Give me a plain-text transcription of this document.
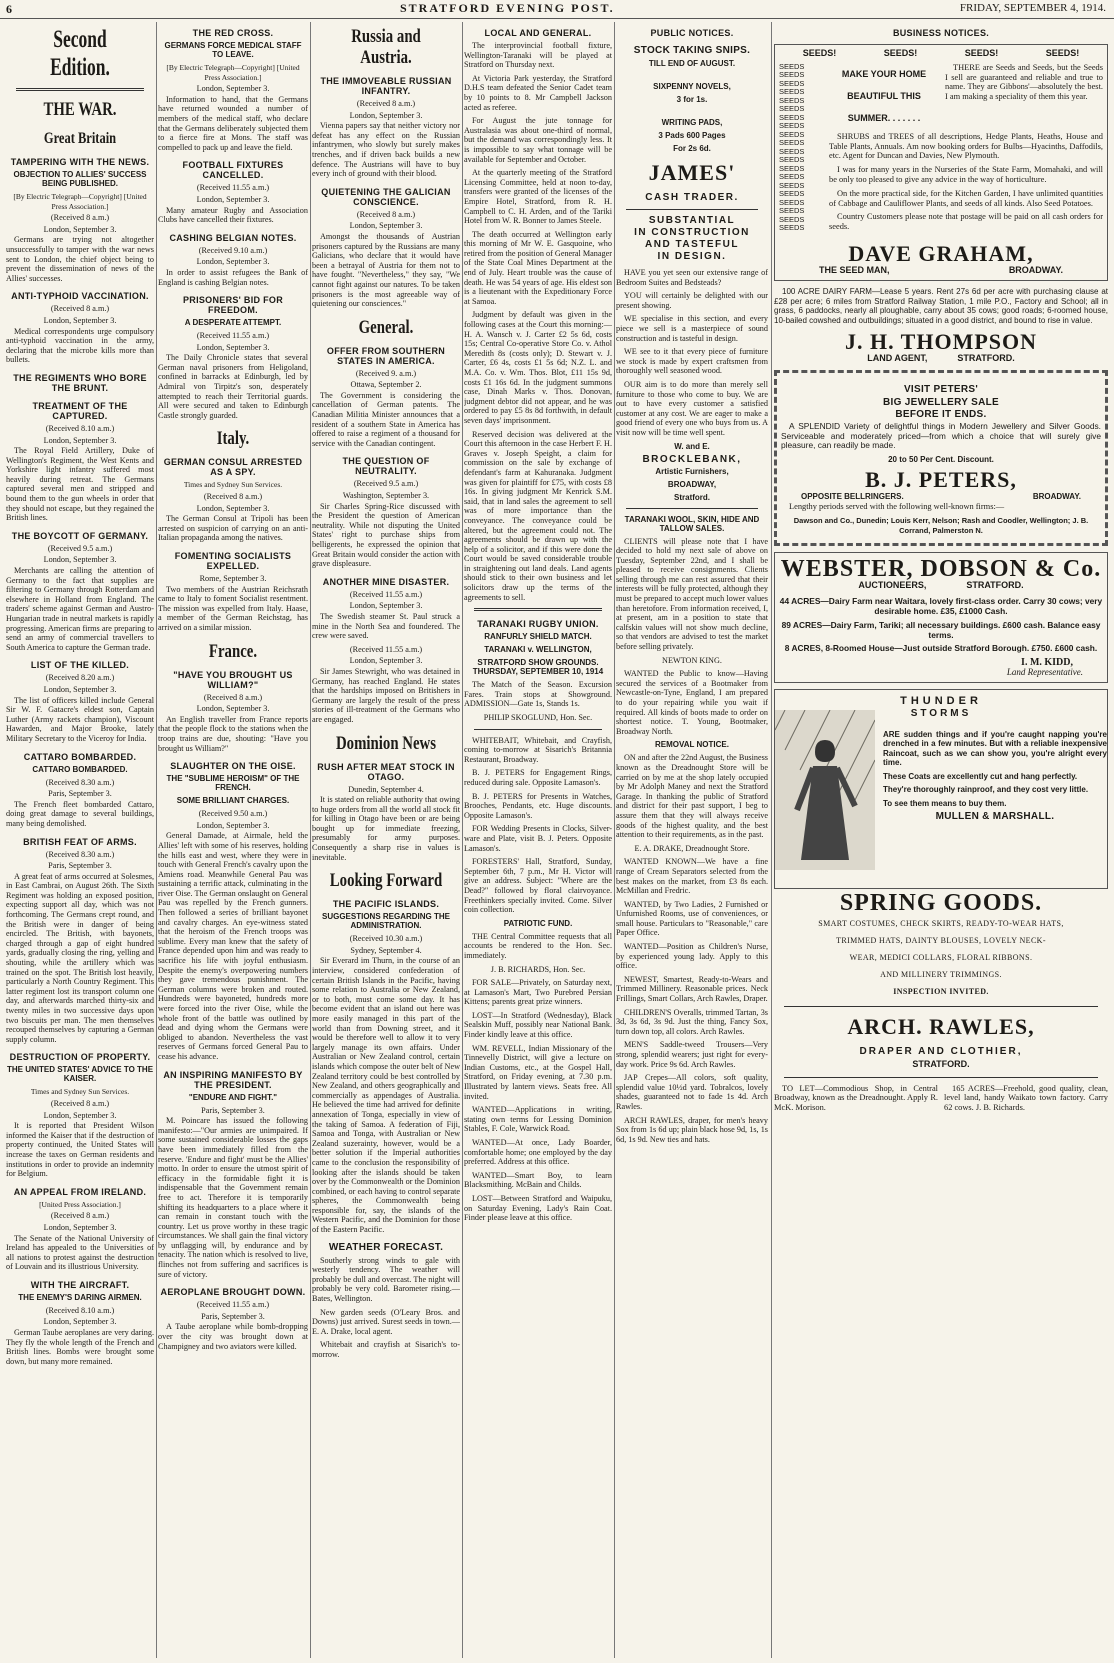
6	STRATFORD EVENING POST.	FRIDAY, SEPTEMBER 4, 1914.
Second Edition.
THE WAR.
Great Britain
TAMPERING WITH THE NEWS.
OBJECTION TO ALLIES' SUCCESS BEING PUBLISHED.

[By Electric Telegraph—Copyright] [United Press Association.]

(Received 8 a.m.)

London, September 3.

Germans are trying not altogether unsuccessfully to tamper with the war news sent to London, the chief object being to prevent the dissemination of news of the Allies' successes.

ANTI-TYPHOID VACCINATION.

(Received 8 a.m.)

London, September 3.

Medical correspondents urge compulsory anti-typhoid vaccination in the army, declaring that the microbe kills more than bullets.

THE REGIMENTS WHO BORE THE BRUNT.
TREATMENT OF THE CAPTURED.

(Received 8.10 a.m.)

London, September 3.

The Royal Field Artillery, Duke of Wellington's Regiment, the West Kents and Yorkshire light infantry suffered most heavily during retreat. The Germans captured several men and stripped and bound them to the gun wheels in order that they should not escape, but they regained the British lines.

THE BOYCOTT OF GERMANY.

(Received 9.5 a.m.)

London, September 3.

Merchants are calling the attention of Germany to the fact that supplies are filtering to Germany through Rotterdam and elsewhere in Holland from England. The traders' scheme against German and Austro-Hungarian trade in neutral markets is rapidly progressing. American firms are preparing to send an army of commercial travellers to South America to capture the German trade.

LIST OF THE KILLED.

(Received 8.20 a.m.)

London, September 3.

The list of officers killed include General Sir W. F. Gatacre's eldest son, Captain Luther (Army rackets champion), Viscount Hawarden, and Major Brooke, lately Military Secretary to the Viceroy for India.

CATTARO BOMBARDED.
CATTARO BOMBARDED.

(Received 8.30 a.m.)

Paris, September 3.

The French fleet bombarded Cattaro, doing great damage to several buildings, many being demolished.

BRITISH FEAT OF ARMS.

(Received 8.30 a.m.)

Paris, September 3.

A great feat of arms occurred at Solesmes, in East Cambrai, on August 26th. The Sixth Regiment was holding an exposed position, expecting support all day, which was not forthcoming. The Germans crept round, and the British were in danger of being encircled. The British, with bayonets, charged through a gap of eight hundred yards, gradually closing the ring, yelling and shouting, while the artillery which was trained on the spot. The British lost heavily, particularly a North Country Regiment. This latter regiment lost its transport column one day, and afterwards marched thirty-six and twenty miles in two successive days upon two biscuits per man. The men themselves recouped themselves by capturing a German supply column.

DESTRUCTION OF PROPERTY.
THE UNITED STATES' ADVICE TO THE KAISER.

Times and Sydney Sun Services.

(Received 8 a.m.)

London, September 3.

It is reported that President Wilson informed the Kaiser that if the destruction of property continued, the United States will increase the taxes on German residents and institutions in order to provide an indemnity for Belgium.

AN APPEAL FROM IRELAND.

[United Press Association.]

(Received 8 a.m.)

London, September 3.

The Senate of the National University of Ireland has appealed to the Universities of all nations to protest against the destruction of Louvain and its illustrious University.

WITH THE AIRCRAFT.
THE ENEMY'S DARING AIRMEN.

(Received 8.10 a.m.)

London, September 3.

German Taube aeroplanes are very daring. They fly the whole length of the French and British lines. Bombs were brought some down, but many more remained.

THE RED CROSS.
GERMANS FORCE MEDICAL STAFF TO LEAVE.

[By Electric Telegraph—Copyright] [United Press Association.]

London, September 3.

Information to hand, that the Germans have returned wounded a number of members of the medical staff, who declare that the Germans deliberately subjected them to a fierce fire at Mons. The staff was compelled to pack up and leave the field.

FOOTBALL FIXTURES CANCELLED.

(Received 11.55 a.m.)

London, September 3.

Many amateur Rugby and Association Clubs have cancelled their fixtures.

CASHING BELGIAN NOTES.

(Received 9.10 a.m.)

London, September 3.

In order to assist refugees the Bank of England is cashing Belgian notes.

PRISONERS' BID FOR FREEDOM.
A DESPERATE ATTEMPT.

(Received 11.55 a.m.)

London, September 3.

The Daily Chronicle states that several German naval prisoners from Heligoland, confined in barracks at Edinburgh, led by Admiral von Tirpitz's son, desperately attempted to reach their Territorial guards. All were secured and taken to Edinburgh Castle strongly guarded.

Italy.
GERMAN CONSUL ARRESTED AS A SPY.

Times and Sydney Sun Services.

(Received 8 a.m.)

London, September 3.

The German Consul at Tripoli has been arrested on suspicion of carrying on an anti-Italian propaganda among the natives.

FOMENTING SOCIALISTS EXPELLED.

Rome, September 3.

Two members of the Austrian Reichsrath came to Italy to foment Socialist resentment. The mission was expelled from Italy. Haase, a member of the German Reichstag, has arrived on a similar mission.

France.
"HAVE YOU BROUGHT US WILLIAM?"

(Received 8 a.m.)

London, September 3.

An English traveller from France reports that the people flock to the stations when the troop trains are due, shouting: "Have you brought us William?"

SLAUGHTER ON THE OISE.
THE "SUBLIME HEROISM" OF THE FRENCH.
SOME BRILLIANT CHARGES.

(Received 9.50 a.m.)

London, September 3.

General Damade, at Airmale, held the Allies' left with some of his reserves, holding the hills east and west, where they were in touch with General French's cavalry upon the Amiens road. Meanwhile General Pau was sustaining a terrific attack, culminating in the river Oise. The German onslaught on General Pau was repelled by the French gunners. Then followed a series of brilliant bayonet and cavalry charges. An eye-witness stated that the heroism of the French troops was sublime. Every man knew that the safety of France depended upon him and was ready to sacrifice his life with joyful enthusiasm. Despite the enemy's overpowering numbers they gave tremendous punishment. The German columns were broken and routed. Hundreds were bayoneted, hundreds more were forced into the river Oise, while the whole front of the battle was outlined by dead and dying whom the Germans were obliged to abandon. Nevertheless the vast reserves of Germans forced General Pau to cease his advance.

AN INSPIRING MANIFESTO BY THE PRESIDENT.
"ENDURE AND FIGHT."

Paris, September 3.

M. Poincare has issued the following manifesto:—"Our armies are unimpaired. If some sustained considerable losses the gaps have been immediately filled from the reserve. 'Endure and fight' must be the Allies' motto. In order to ensure the utmost spirit of efficacy in the formidable fight it is indispensable that the Government remain free to act. Therefore it is temporarily shifting its headquarters to a place where it can remain in constant touch with the country. Let us prove worthy in these tragic circumstances. We shall gain the final victory by unflagging will, by endurance and by tenacity. The nation which is resolved to live, flinches not from suffering and sacrifices is sure of victory.

AEROPLANE BROUGHT DOWN.

(Received 11.55 a.m.)

Paris, September 3.

A Taube aeroplane while bomb-dropping over the city was brought down at Champigney and two aviators were killed.

Russia and Austria.
THE IMMOVEABLE RUSSIAN INFANTRY.

(Received 8 a.m.)

London, September 3.

Vienna papers say that neither victory nor defeat has any effect on the Russian infantrymen, who slowly but surely makes trenches, and if driven back builds a new defence. The Austrians will have to buy every inch of ground with their blood.

QUIETENING THE GALICIAN CONSCIENCE.

(Received 8 a.m.)

London, September 3.

Amongst the thousands of Austrian prisoners captured by the Russians are many Galicians, who declare that it would have been a betrayal of Austria for them not to have fought. "Nevertheless," they say, "We cannot fight against our natures. To be taken prisoners is the most agreeable way of quietening our consciences."

General.
OFFER FROM SOUTHERN STATES IN AMERICA.

(Received 9. a.m.)

Ottawa, September 2.

The Government is considering the cancellation of German patents. The Canadian Militia Minister announces that a resident of a southern State in America has offered to raise a regiment of a thousand for service with the Canadian contingent.

THE QUESTION OF NEUTRALITY.

(Received 9.5 a.m.)

Washington, September 3.

Sir Charles Spring-Rice discussed with the President the question of American neutrality. While not disputing the United States' right to purchase ships from belligerents, he expressed the opinion that Great Britain would consider the action with grave displeasure.

ANOTHER MINE DISASTER.

(Received 11.55 a.m.)

London, September 3.

The Swedish steamer St. Paul struck a mine in the North Sea and foundered. The crew were saved.

(Received 11.55 a.m.)

London, September 3.

Sir James Stewright, who was detained in Germany, has reached England. He states that the hardships imposed on Britishers in Germany are largely the result of the press stories of ill-treatment of the Germans who are engaged.

Dominion News
RUSH AFTER MEAT STOCK IN OTAGO.

Dunedin, September 4.

It is stated on reliable authority that owing to huge orders from all the world all stock fit for killing in Otago have been or are being bought up for immediate freezing, presumably for army purposes. Consequently a sharp rise in values is inevitable.

Looking Forward
THE PACIFIC ISLANDS.
SUGGESTIONS REGARDING THE ADMINISTRATION.

(Received 10.30 a.m.)

Sydney, September 4.

Sir Everard im Thurn, in the course of an interview, considered confederation of certain British Islands in the Pacific, having some relation to Australia or New Zealand, or to both, must come some day. It has become evident that an island out here was more easily managed in this part of the world than from Downing street, and it would be therefore well to allow it to very largely manage its own affairs. Under Australian or New Zealand control, certain islands which compose the outer belt of New Zealand territory could be best controlled by New Zealand, and others geographically and commercially as appendages of Australia. He believed the time had arrived for definite annexation of Tonga, especially in view of the taking of Samoa. A federation of Fiji, Samoa and Tonga, with Australian or New Zealand suzerainty, however, would be a better solution if the Imperial authorities came to the conclusion the responsibility of looking after the islands should be taken over by the Commonwealth or the Dominion combined, or each having to control separate spheres, the Commonwealth being responsible for, say, the islands of the Western Pacific, and the Dominion for those of the Eastern Pacific.

WEATHER FORECAST.

Southerly strong winds to gale with westerly tendency. The weather will probably be dull and overcast. The night will probably be very cold. Barometer rising.—Bates, Wellington.

New garden seeds (O'Leary Bros. and Downs) just arrived. Surest seeds in town.—E. A. Drake, local agent.

Whitebait and crayfish at Sisarich's to-morrow.

LOCAL AND GENERAL.

The interprovincial football fixture, Wellington-Taranaki will be played at Stratford on Thursday next.

At Victoria Park yesterday, the Stratford D.H.S team defeated the Senior Cadet team by 10 points to 8. Mr Campbell Jackson acted as referee.

For August the jute tonnage for Australasia was about one-third of normal, but the demand was correspondingly less. It is impossible to say what tonnage will be available for September and October.

At the quarterly meeting of the Stratford Licensing Committee, held at noon to-day, transfers were granted of the licenses of the Empire Hotel, Stratford, from R. H. Campbell to C. H. Arden, and of the Tariki Hotel from W. R. Bonner to James Steele.

The death occurred at Wellington early this morning of Mr W. E. Gasquoine, who retired from the position of General Manager of the State Coal Mines Department at the end of July. Heart trouble was the cause of death. He was 54 years of age. His eldest son is a lieutenant with the Expeditionary Force at Samoa.

Judgment by default was given in the following cases at the Court this morning:—H. A. Wansch v. J. Carter £2 5s 6d, costs 15s; Central Co-operative Store Co. v. Athol Meredith 8s (costs only); D. Stewart v. J. Carter, £6 4s, costs £1 5s 6d; N.Z. L. and M.A. Co. v. Wm. Thos. Blot, £11 15s 9d, costs £1 16s 6d. In the judgment summons case, Dinah Marks v. Thos. Donovan, judgment debtor did not appear, and he was ordered to pay £5 8s 8d forthwith, in default seven days' imprisonment.

Reserved decision was delivered at the Court this afternoon in the case Herbert F. H. Graves v. Joseph Speight, a claim for commission on the sale by exchange of defendant's farm at Kahuranaka. Judgment was given for plaintiff for £75, with costs £8 16s. In giving judgment Mr Kenrick S.M. said, that in land sales the agreement to sell was of more importance than the conveyance. The conveyance could be altered, but the agreement could not. The agreements should be drawn up with the help of a solicitor, and if this were done the Court would be saved considerable trouble in straightening out land deals. Land agents should stick to their own business and let solicitors draw up the terms of the agreements to sell.

TARANAKI RUGBY UNION.
RANFURLY SHIELD MATCH.
TARANAKI v. WELLINGTON,
STRATFORD SHOW GROUNDS. THURSDAY, SEPTEMBER 10, 1914

The Match of the Season. Excursion Fares. Train stops at Showground. ADMISSION—Gate 1s, Stands 1s.

PHILIP SKOGLUND, Hon. Sec.

WHITEBAIT, Whitebait, and Crayfish, coming to-morrow at Sisarich's Britannia Restaurant, Broadway.

B. J. PETERS for Engagement Rings, reduced during sale. Opposite Lamason's.

B. J. PETERS for Presents in Watches, Brooches, Pendants, etc. Huge discounts. Opposite Lamason's.

FOR Wedding Presents in Clocks, Silver-ware and Plate, visit B. J. Peters. Opposite Lamason's.

FORESTERS' Hall, Stratford, Sunday, September 6th, 7 p.m., Mr H. Victor will give an address. Subject: "Where are the Dead?" followed by floral clairvoyance. Freethinkers specially invited. Come. Silver coin collection.

PATRIOTIC FUND.

THE Central Committee requests that all accounts be rendered to the Hon. Sec. immediately.

J. B. RICHARDS, Hon. Sec.

FOR SALE—Privately, on Saturday next, at Lamason's Mart, Two Purebred Persian Kittens; parents great prize winners.

LOST—In Stratford (Wednesday), Black Sealskin Muff, possibly near National Bank. Finder kindly leave at this office.

WM. REVELL, Indian Missionary of the Tinnevelly District, will give a lecture on Indian Customs, etc., at the Gospel Hall, Stratford, on Friday evening, at 7.30 p.m. Illustrated by lantern views. Seats free. All invited.

WANTED—Applications in writing, stating own terms for Lessing Dominion Stables, F. Cole, Warwick Road.

WANTED—At once, Lady Boarder, comfortable home; one employed by the day preferred. Address at this office.

WANTED—Smart Boy, to learn Blacksmithing. McBain and Childs.

LOST—Between Stratford and Waipuku, on Saturday Evening, Lady's Rain Coat. Finder please leave at this office.

PUBLIC NOTICES.
STOCK TAKING SNIPS.
TILL END OF AUGUST.
SIXPENNY NOVELS,
3 for 1s.
WRITING PADS,
3 Pads 600 Pages
For 2s 6d.
JAMES'
CASH TRADER.
SUBSTANTIAL
IN CONSTRUCTION
AND TASTEFUL
IN DESIGN.

HAVE you yet seen our extensive range of Bedroom Suites and Bedsteads?

YOU will certainly be delighted with our present showing.

WE specialise in this section, and every piece we sell is a masterpiece of sound construction and is tasteful in design.

WE see to it that every piece of furniture we stock is made by expert craftsmen from thoroughly well seasoned wood.

OUR aim is to do more than merely sell furniture to those who come to buy. We are out to have every customer a satisfied customer at any cost. We are eager to make a good friend of every one who buys from us. A visit now will be time well spent.

W. and E.
BROCKLEBANK,
Artistic Furnishers,
BROADWAY,
Stratford.
TARANAKI WOOL, SKIN, HIDE AND TALLOW SALES.

CLIENTS will please note that I have decided to hold my next sale of above on Tuesday, September 22nd, and I shall be pleased to receive consignments. Clients selling through me can rest assured that their interests will be fully protected, although they must be prepared to accept much lower values than heretofore. From information received, I, at present, am in a position to state that calfskin values will not show much decline, so that vendors are advised to test the market before selling privately.

NEWTON KING.

WANTED the Public to know—Having secured the services of a Bootmaker from Newcastle-on-Tyne, England, I am prepared to do your repairing while you wait if required. All kinds of boots made to order on shortest notice. T. Young, Bootmaker, Broadway North.

REMOVAL NOTICE.

ON and after the 22nd August, the Business known as the Dreadnought Store will be carried on by me at the shop lately occupied by Mr Adolph Maney and next the Stratford Garage. In thanking the public of Stratford and district for their past support, I beg to assure them that they will always receive goods of the highest quality, and the best attention to their requirements, as in the past.

E. A. DRAKE, Dreadnought Store.

WANTED KNOWN—We have a fine range of Cream Separators selected from the best makes on the market, from £3 8s each. McMillan and Fredric.

WANTED, by Two Ladies, 2 Furnished or Unfurnished Rooms, use of conveniences, or small house. Particulars to "Reasonable," care Paper Office.

WANTED—Position as Children's Nurse, by experienced young lady. Apply to this office.

NEWEST, Smartest, Ready-to-Wears and Trimmed Millinery. Reasonable prices. Neck Frillings, Smart Collars, Arch Rawles, Draper.

CHILDREN'S Overalls, trimmed Tartan, 3s 3d, 3s 6d, 3s 9d. Just the thing, Fancy Sox, turn down top, all colors. Arch Rawles.

MEN'S Saddle-tweed Trousers—Very strong, splendid wearers; just right for every-day work. Price 9s 6d. Arch Rawles.

JAP Crepes—All colors, soft quality, splendid value 10½d yard. Tobralcos, lovely shades, guaranteed not to fade 1s 4d. Arch Rawles.

ARCH RAWLES, draper, for men's heavy Sox from 1s 6d up; plain black hose 9d, 1s, 1s 6d, 1s 9d. New ties and hats.

BUSINESS NOTICES.
SEEDS!	SEEDS!	SEEDS!	SEEDS!
SEEDS
SEEDS
SEEDS
SEEDS
SEEDS
SEEDS
SEEDS
SEEDS
SEEDS
SEEDS
SEEDS
SEEDS
SEEDS
SEEDS
SEEDS
SEEDS
SEEDS
SEEDS
SEEDS
SEEDS
MAKE YOUR HOME
BEAUTIFUL THIS
SUMMER. . . . . . .

THERE are Seeds and Seeds, but the Seeds I sell are guaranteed and reliable and true to name. They are Gibbons'—absolutely the best. I am making a speciality of them this year.

SHRUBS and TREES of all descriptions, Hedge Plants, Heaths, House and Table Plants, Annuals. Am now booking orders for Bulbs—Hyacinths, Daffodils, etc. Agent for Duncan and Davies, New Plymouth.

I was for many years in the Nurseries of the State Farm, Momahaki, and will be only too pleased to give any advice in the way of horticulture.

On the more practical side, for the Kitchen Garden, I have unlimited quantities of Cabbage and Cauliflower Plants, and seeds of all kinds. Also Seed Potatoes.

Country Customers please note that postage will be paid on all cash orders for seeds.

DAVE GRAHAM,
THE SEED MAN,	BROADWAY.

100 ACRE DAIRY FARM—Lease 5 years. Rent 27s 6d per acre with purchasing clause at £28 per acre; 6 miles from Stratford Railway Station, 1 mile P.O., Factory and School; all in grass, 6 paddocks, nearly all ploughable, carry about 35 cows; good roads; 6-roomed house, 10-bailed cowshed and outbuildings; situated in a good district, and bound to rise in value.

J. H. THOMPSON
LAND AGENT,	STRATFORD.
VISIT PETERS'
BIG JEWELLERY SALE
BEFORE IT ENDS.

A SPLENDID Variety of delightful things in Modern Jewellery and Silver Goods. Serviceable and moderately priced—from which a choice that will surely give pleasure, can readily be made.

20 to 50 Per Cent. Discount.
B. J. PETERS,
OPPOSITE BELLRINGERS.	BROADWAY.

Lengthy periods served with the following well-known firms:—

Dawson and Co., Dunedin; Louis Kerr, Nelson; Rash and Coodler, Wellington; J. B. Corrand, Palmerston N.

WEBSTER, DOBSON & Co.
AUCTIONEERS,	STRATFORD.

44 ACRES—Dairy Farm near Waitara, lovely first-class order. Carry 30 cows; very desirable home. £35, £1000 Cash.

89 ACRES—Dairy Farm, Tariki; all necessary buildings. £600 cash. Balance easy terms.

8 ACRES, 8-Roomed House—Just outside Stratford Borough. £750. £600 cash.

I. M. KIDD,
Land Representative.
THUNDER
STORMS

ARE sudden things and if you're caught napping you're drenched in a few minutes. But with a reliable inexpensive Raincoat, such as we can show you, you're alright every time.

These Coats are excellently cut and hang perfectly.

They're thoroughly rainproof, and they cost very little.

To see them means to buy them.

MULLEN & MARSHALL.
SPRING GOODS.
SMART COSTUMES, CHECK SKIRTS, READY-TO-WEAR HATS,
TRIMMED HATS, DAINTY BLOUSES, LOVELY NECK-
WEAR, MEDICI COLLARS, FLORAL RIBBONS.
AND MILLINERY TRIMMINGS.
INSPECTION INVITED.
ARCH. RAWLES,
DRAPER AND CLOTHIER,
STRATFORD.

TO LET—Commodious Shop, in Central Broadway, known as the Dreadnought. Apply R. McK. Morison.

165 ACRES—Freehold, good quality, clean, level land, handy Waikato town factory. Carry 62 cows. J. B. Richards.
